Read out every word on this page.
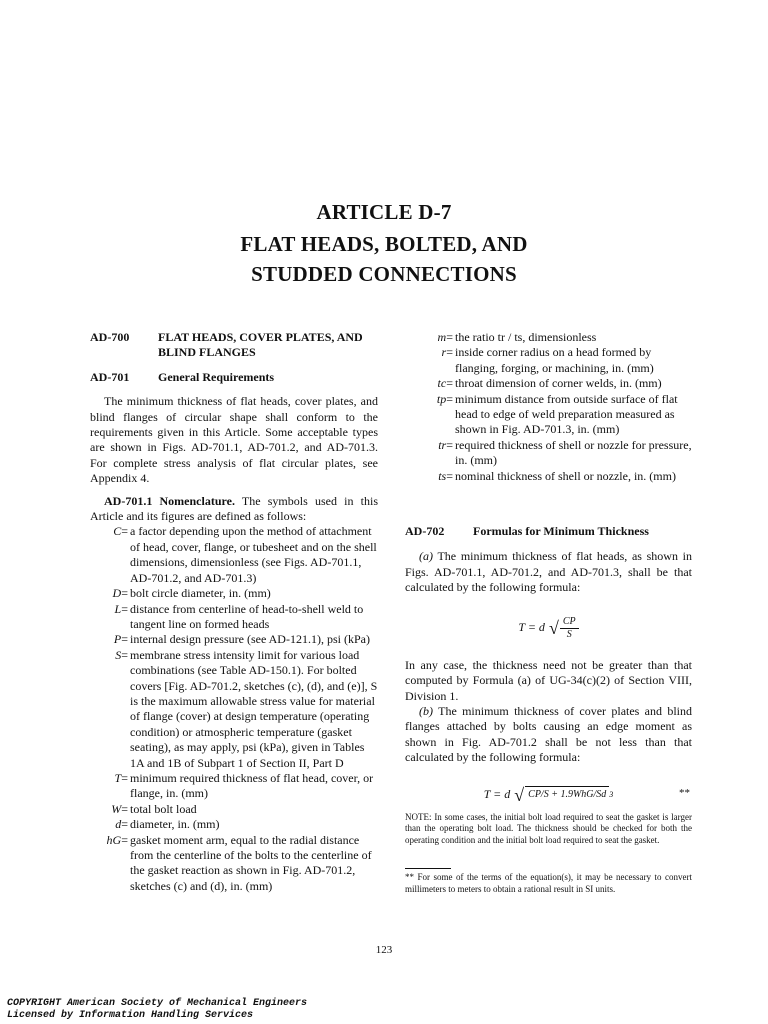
ARTICLE D-7
FLAT HEADS, BOLTED, AND
STUDDED CONNECTIONS
AD-700	FLAT HEADS, COVER PLATES, AND BLIND FLANGES
AD-701	General Requirements

The minimum thickness of flat heads, cover plates, and blind flanges of circular shape shall conform to the requirements given in this Article. Some acceptable types are shown in Figs. AD-701.1, AD-701.2, and AD-701.3. For complete stress analysis of flat circular plates, see Appendix 4.

AD-701.1 Nomenclature. The symbols used in this Article and its figures are defined as follows:

C= a factor depending upon the method of attachment of head, cover, flange, or tubesheet and on the shell dimensions, dimensionless (see Figs. AD-701.1, AD-701.2, and AD-701.3)
D= bolt circle diameter, in. (mm)
L= distance from centerline of head-to-shell weld to tangent line on formed heads
P= internal design pressure (see AD-121.1), psi (kPa)
S= membrane stress intensity limit for various load combinations (see Table AD-150.1). For bolted covers [Fig. AD-701.2, sketches (c), (d), and (e)], S is the maximum allowable stress value for material of flange (cover) at design temperature (operating condition) or atmospheric temperature (gasket seating), as may apply, psi (kPa), given in Tables 1A and 1B of Subpart 1 of Section II, Part D
T= minimum required thickness of flat head, cover, or flange, in. (mm)
W= total bolt load
d= diameter, in. (mm)
hG= gasket moment arm, equal to the radial distance from the centerline of the bolts to the centerline of the gasket reaction as shown in Fig. AD-701.2, sketches (c) and (d), in. (mm)
m= the ratio tr / ts, dimensionless
r= inside corner radius on a head formed by flanging, forging, or machining, in. (mm)
tc= throat dimension of corner welds, in. (mm)
tp= minimum distance from outside surface of flat head to edge of weld preparation measured as shown in Fig. AD-701.3, in. (mm)
tr= required thickness of shell or nozzle for pressure, in. (mm)
ts= nominal thickness of shell or nozzle, in. (mm)
AD-702	Formulas for Minimum Thickness

(a) The minimum thickness of flat heads, as shown in Figs. AD-701.1, AD-701.2, and AD-701.3, shall be that calculated by the following formula:

T = d √ $\frac{CP}{S}$

In any case, the thickness need not be greater than that computed by Formula (a) of UG-34(c)(2) of Section VIII, Division 1.

(b) The minimum thickness of cover plates and blind flanges attached by bolts causing an edge moment as shown in Fig. AD-701.2 shall be not less than that calculated by the following formula:

T = d √ CP/S + 1.9WhG/Sd 3	**

NOTE: In some cases, the initial bolt load required to seat the gasket is larger than the operating bolt load. The thickness should be checked for both the operating condition and the initial bolt load required to seat the gasket.

** For some of the terms of the equation(s), it may be necessary to convert millimeters to meters to obtain a rational result in SI units.

123
COPYRIGHT American Society of Mechanical Engineers
Licensed by Information Handling Services
